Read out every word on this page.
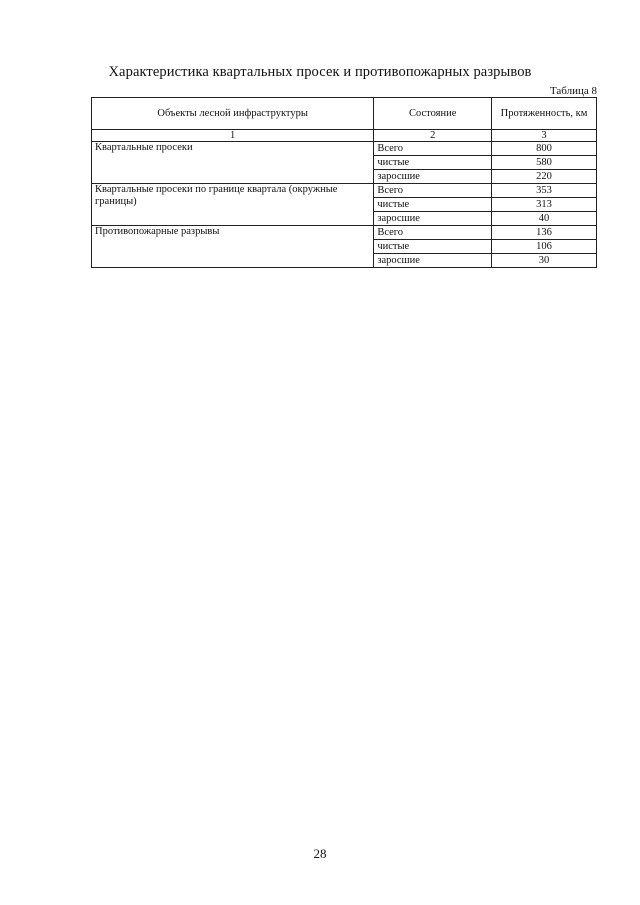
Характеристика квартальных просек и противопожарных разрывов
Таблица 8
Объекты лесной инфраструктуры	Состояние	Протяженность, км
1	2	3
Квартальные просеки	Всего	800
	чистые	580
	заросшие	220
Квартальные просеки по границе квартала (окружные границы)	Всего	353
	чистые	313
	заросшие	40
Противопожарные разрывы	Всего	136
	чистые	106
	заросшие	30
28
